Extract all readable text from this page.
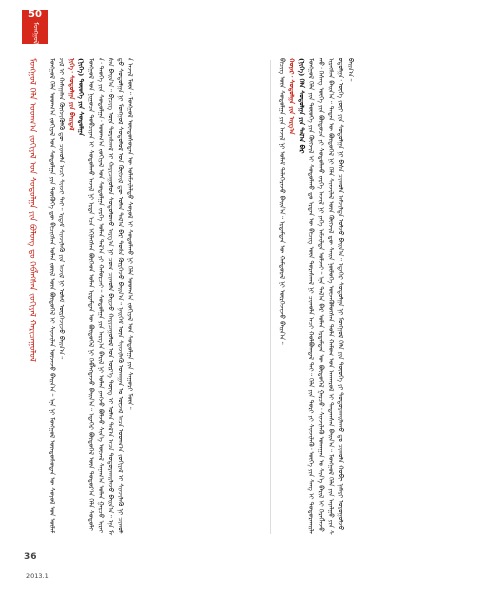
50
ᠮᠣᠩᠭᠣᠯ
ᠮᠣᠩᠭᠣᠯ ᠬᠡᠯᠡ ᠤᠳᠬ᠎ᠠ ᠵᠣᠬᠢᠶᠠᠯ ᠤᠨ ᠰᠤᠳᠤᠯᠭᠠ ᠶᠢᠨ ᠪᠤᠯᠤᠩ ᠳᠤ ᠬᠡᠪᠯᠡᠭᠰᠡᠨ ᠵᠣᠬᠢᠶᠠᠯ ᠬᠠᠷᠢᠴᠠᠭᠤᠯᠤᠯ ᠮᠣᠩᠭᠣᠯ ᠬᠡᠯᠡ ᠤᠳᠬ᠎ᠠ ᠵᠣᠬᠢᠶᠠᠯ ᠤᠨ ᠰᠤᠳᠤᠯᠭᠠ ᠶᠢᠨ ᠲᠦᠬᠦᠬᠡ ᠳᠦ ᠪᠢᠴᠢᠭᠰᠡᠨ ᠣᠯᠠᠨ ᠵᠦᠢᠯ ᠦᠨ ᠪᠦᠲᠦᠭᠡᠯ ᠢ ᠰᠢᠨᠵᠢᠯᠡᠨ ᠦᠵᠡᠵᠦ ᠪᠠᠢᠨ᠎ᠠ᠃ ᠡᠨᠡ ᠨᠢ ᠮᠣᠩᠭᠣᠯ ᠦᠨᠳᠦᠰᠦᠲᠡᠨ ᠦ ᠰᠣᠶᠣᠯ ᠤᠨ ᠦᠯᠡᠮᠵᠢᠯ ᠢ ᠬᠠᠮᠠᠭᠠᠯᠠᠨ ᠬᠥᠭᠵᠢᠭᠦᠯᠬᠦ ᠳᠦ ᠴᠢᠬᠤᠯᠠ ᠠᠴᠢ ᠱᠢᠨᠵᠢ ᠲᠠᠢ᠃ ᠡᠷᠳᠡᠮ ᠰᠢᠨᠵᠢᠯᠡᠬᠦ ᠶᠢᠨ ᠠᠵᠢᠯ ᠨᠢ ᠤᠯᠠᠮ ᠥᠷᠭᠡᠵᠢᠵᠦ ᠪᠠᠢᠨ᠎ᠠ᠃ ᠨᠢᠭᠡ᠂ ᠰᠤᠳᠤᠯᠭᠠ ᠶᠢᠨ ᠪᠠᠢᠳᠠᠯ (ᠨᠢᠭᠡ) ᠲᠦᠦᠬᠡ ᠶᠢᠨ ᠰᠤᠳᠤᠯᠭᠠ ᠮᠣᠩᠭᠣᠯ ᠤᠨ ᠨᠢᠭᠤᠴᠠ ᠲᠣᠪᠴᠢᠶᠠᠨ ᠢ ᠰᠤᠳᠤᠯᠬᠤ ᠠᠵᠢᠯ ᠨᠢ ᠡᠷᠲᠡ ᠡᠴᠡ ᠡᠬᠢᠯᠡᠭᠰᠡᠨ ᠪᠥᠭᠡᠳ ᠣᠯᠠᠨ ᠡᠷᠳᠡᠮᠲᠡᠨ ᠦ ᠪᠦᠲᠦᠭᠡᠯ ᠨᠢ ᠬᠡᠪᠯᠡᠭᠳᠡᠵᠦ ᠪᠠᠢᠨ᠎ᠠ᠃ ᠡᠳᠡᠭᠡᠷ ᠪᠦᠲᠦᠭᠡᠯ ᠦᠨ ᠳᠣᠲᠣᠷ᠎ᠠ ᠬᠡᠯᠡ ᠰᠤᠳᠤᠯᠭᠠ᠂ ᠲᠡᠦᠬᠡ ᠶᠢᠨ ᠰᠤᠳᠤᠯᠭᠠ᠂ ᠤᠳᠬ᠎ᠠ ᠵᠣᠬᠢᠶᠠᠯ ᠤᠨ ᠰᠤᠳᠤᠯᠭᠠ ᠵᠡᠷᠭᠡ ᠣᠯᠠᠨ ᠲᠠᠯ᠎ᠠ ᠶᠢ ᠬᠠᠮᠤᠷᠴᠠᠢ᠃ ᠰᠤᠳᠤᠯᠭᠠ ᠶᠢᠨ ᠠᠷᠭ᠎ᠠ ᠪᠠᠷᠢᠯ ᠨᠢ ᠣᠯᠠᠨ ᠶᠠᠩᠵᠤ ᠪᠣᠯᠵᠤ ᠰᠢᠨ᠎ᠡ ᠦᠵᠡᠯ ᠰᠠᠨᠠᠭ᠎ᠠ ᠣᠯᠠᠨ ᠭᠠᠷᠴᠤ ᠢᠷᠡᠭᠰᠡᠨ ᠪᠠᠢᠨ᠎ᠠ᠃ ᠪᠢᠴᠢᠭ ᠦᠨ ᠳᠤᠷᠠᠰᠬᠠᠯ ᠢ ᠬᠠᠷᠢᠴᠠᠭᠤᠯᠤᠨ ᠰᠤᠳᠤᠯᠤᠬᠤ ᠠᠷᠭ᠎ᠠ ᠨᠢ ᠴᠤᠭ ᠴᠢᠬᠤᠯᠠ ᠪᠠᠢᠵᠤ ᠬᠠᠷᠢᠴᠠᠭᠤᠯᠤᠯ ᠤᠨ ᠦᠷ᠎ᠡ ᠳᠦᠩ ᠢ ᠣᠯᠠᠨ ᠲᠠᠯ᠎ᠠ ᠠᠴᠠ ᠲᠣᠳᠤᠷᠬᠠᠢᠯᠠᠵᠤ ᠪᠠᠢᠨ᠎ᠠ᠃ ᠡᠨᠡ ᠮᠡᠲᠦ ᠰᠤᠳᠤᠯᠭᠠ ᠨᠢ ᠮᠣᠩᠭᠣᠯ ᠰᠤᠳᠤᠯᠤᠯ ᠤᠨ ᠬᠥᠭᠵᠢᠯ ᠳᠦ ᠣᠯᠠᠨ ᠲᠠᠯ᠎ᠠ ᠪᠠᠷ ᠲᠤᠰᠠ ᠬᠦᠷᠭᠡᠵᠦ ᠪᠠᠢᠨ᠎ᠠ᠃ ᠨᠡᠢᠭᠡᠮ ᠦᠨ ᠰᠢᠨᠵᠢᠯᠡᠬᠦ ᠤᠬᠠᠭᠠᠨ ᠤ ᠦᠵᠡᠯ ᠠᠴᠠ ᠤᠳᠬ᠎ᠠ ᠵᠣᠬᠢᠶᠠᠯ ᠢ ᠰᠢᠨᠵᠢᠯᠡᠬᠦ ᠨᠢ ᠴᠢᠬᠤᠯᠠ ᠠᠵᠢᠯ ᠮᠥᠨ᠃ ᠮᠣᠩᠭᠣᠯ ᠦᠨᠳᠦᠰᠦᠲᠡᠨ ᠦ ᠤᠯᠠᠮᠵᠢᠯᠠᠯᠲᠤ ᠰᠣᠶᠣᠯ ᠢ ᠰᠤᠳᠤᠯᠬᠤ ᠨᠢ ᠬᠡᠯᠡ ᠤᠳᠬ᠎ᠠ ᠵᠣᠬᠢᠶᠠᠯ ᠤᠨ ᠰᠤᠳᠤᠯᠭᠠ ᠶᠢᠨ ᠰᠠᠭᠤᠷᠢ ᠮᠥᠨ᠃	ᠪᠢᠴᠢᠭ ᠦᠨ ᠰᠤᠳᠤᠯᠭᠠ ᠶᠢᠨ ᠠᠵᠢᠯ ᠨᠢ ᠤᠯᠠᠮ ᠳᠡᠯᠡᠭᠡᠷᠡᠵᠦ ᠪᠠᠢᠨ᠎ᠠ᠃ ᠡᠷᠳᠡᠮᠲᠡᠨ ᠦ ᠬᠠᠮᠲᠤᠷᠠᠯ ᠨᠢ ᠥᠷᠭᠡᠵᠢᠵᠦ ᠪᠠᠢᠨ᠎ᠠ᠃ ᠬᠣᠶᠠᠷ᠂ ᠰᠤᠳᠤᠯᠭᠠ ᠶᠢᠨ ᠠᠷᠭ᠎ᠠ (ᠨᠢᠭᠡ) ᠬᠡᠯᠡ ᠰᠤᠳᠤᠯᠭᠠ ᠶᠢᠨ ᠲᠠᠯ᠎ᠠ ᠪᠠᠷ ᠮᠣᠩᠭᠣᠯ ᠬᠡᠯᠡ ᠶᠢᠨ ᠲᠦᠦᠬᠡ ᠶᠢᠨ ᠬᠥᠭᠵᠢᠯ ᠢ ᠰᠤᠳᠤᠯᠬᠤ ᠳᠤ ᠡᠷᠲᠡᠨ ᠦ ᠪᠢᠴᠢᠭ ᠦᠨ ᠳᠤᠷᠠᠰᠬᠠᠯ ᠨᠢ ᠴᠢᠬᠤᠯᠠ ᠠᠴᠢ ᠬᠣᠯᠪᠣᠭᠳᠠᠯ ᠲᠠᠢ᠃ ᠬᠡᠯᠡ ᠶᠢᠨ ᠳᠣᠷᠢ ᠶᠢ ᠰᠢᠨᠵᠢᠯᠡᠬᠦ᠂ ᠦᠭᠡ ᠶᠢᠨ ᠰᠠᠩ ᠢ ᠲᠣᠳᠤᠷᠬᠠᠢᠯᠠᠬᠤ᠂ ᠭᠡᠰᠡᠭ ᠦᠭᠡ ᠶᠢᠨ ᠪᠦᠲᠦᠴᠡ ᠶᠢ ᠰᠤᠳᠤᠯᠬᠤ ᠵᠡᠷᠭᠡ ᠠᠵᠢᠯ ᠨᠢ ᠶᠡᠬᠡ ᠠᠮᠵᠢᠯᠲᠠ ᠣᠯᠵᠠᠢ᠃ ᠡᠨᠡ ᠲᠠᠯ᠎ᠠ ᠪᠠᠷ ᠣᠯᠠᠨ ᠡᠷᠳᠡᠮᠲᠡᠨ ᠦ ᠪᠦᠲᠦᠭᠡᠯ ᠭᠠᠷᠴᠤ᠂ ᠰᠢᠨᠵᠢᠯᠡᠬᠦ ᠤᠬᠠᠭᠠᠨ ᠤ ᠰᠢᠨ᠎ᠡ ᠪᠠᠷᠢᠯ ᠢ ᠬᠡᠷᠡᠭᠯᠡᠵᠦ ᠢᠷᠡᠭᠰᠡᠨ ᠪᠠᠢᠨ᠎ᠠ᠃ ᠲᠡᠳᠡᠨ ᠦ ᠪᠦᠲᠦᠭᠡᠯ ᠨᠢ ᠬᠡᠯᠡ ᠰᠢᠨᠵᠢᠯᠡᠯ ᠦᠨ ᠬᠥᠭᠵᠢᠯ ᠳᠦ ᠰᠠᠢᠨ ᠨᠥᠯᠦᠭᠡ ᠦᠵᠡᠭᠦᠯᠦᠭᠰᠡᠨ ᠲᠤᠯᠠ ᠬᠠᠮᠤᠭ ᠤᠨ ᠠᠨᠬᠠᠷᠤᠯ ᠢ ᠲᠠᠲᠠᠭᠰᠠᠨ ᠪᠠᠢᠨ᠎ᠠ᠃ ᠮᠣᠩᠭᠣᠯ ᠬᠡᠯᠡ ᠶᠢᠨ ᠠᠶᠠᠯᠭᠤ ᠶᠢᠨ ᠰᠤᠳᠤᠯᠭᠠ᠂ ᠦᠭᠡ ᠵᠦᠢ ᠶᠢᠨ ᠰᠤᠳᠤᠯᠭᠠ ᠨᠢ ᠪᠠᠰᠠ ᠴᠢᠬᠤᠯᠠ ᠠᠮᠵᠢᠯᠲᠠ ᠣᠯᠵᠤ ᠪᠠᠢᠨ᠎ᠠ᠃ ᠡᠳᠡᠭᠡᠷ ᠰᠤᠳᠤᠯᠭᠠ ᠨᠢ ᠮᠣᠩᠭᠣᠯ ᠬᠡᠯᠡ ᠶᠢᠨ ᠲᠦᠦᠬᠡ ᠶᠢ ᠲᠣᠳᠤᠷᠬᠠᠢᠯᠠᠬᠤ ᠳᠤ ᠴᠢᠬᠤᠯᠠ ᠬᠤᠪᠢ ᠨᠡᠮᠡᠷᠢ ᠣᠷᠣᠭᠤᠯᠵᠤ ᠪᠠᠢᠨ᠎ᠠ᠃
36 2013.1
